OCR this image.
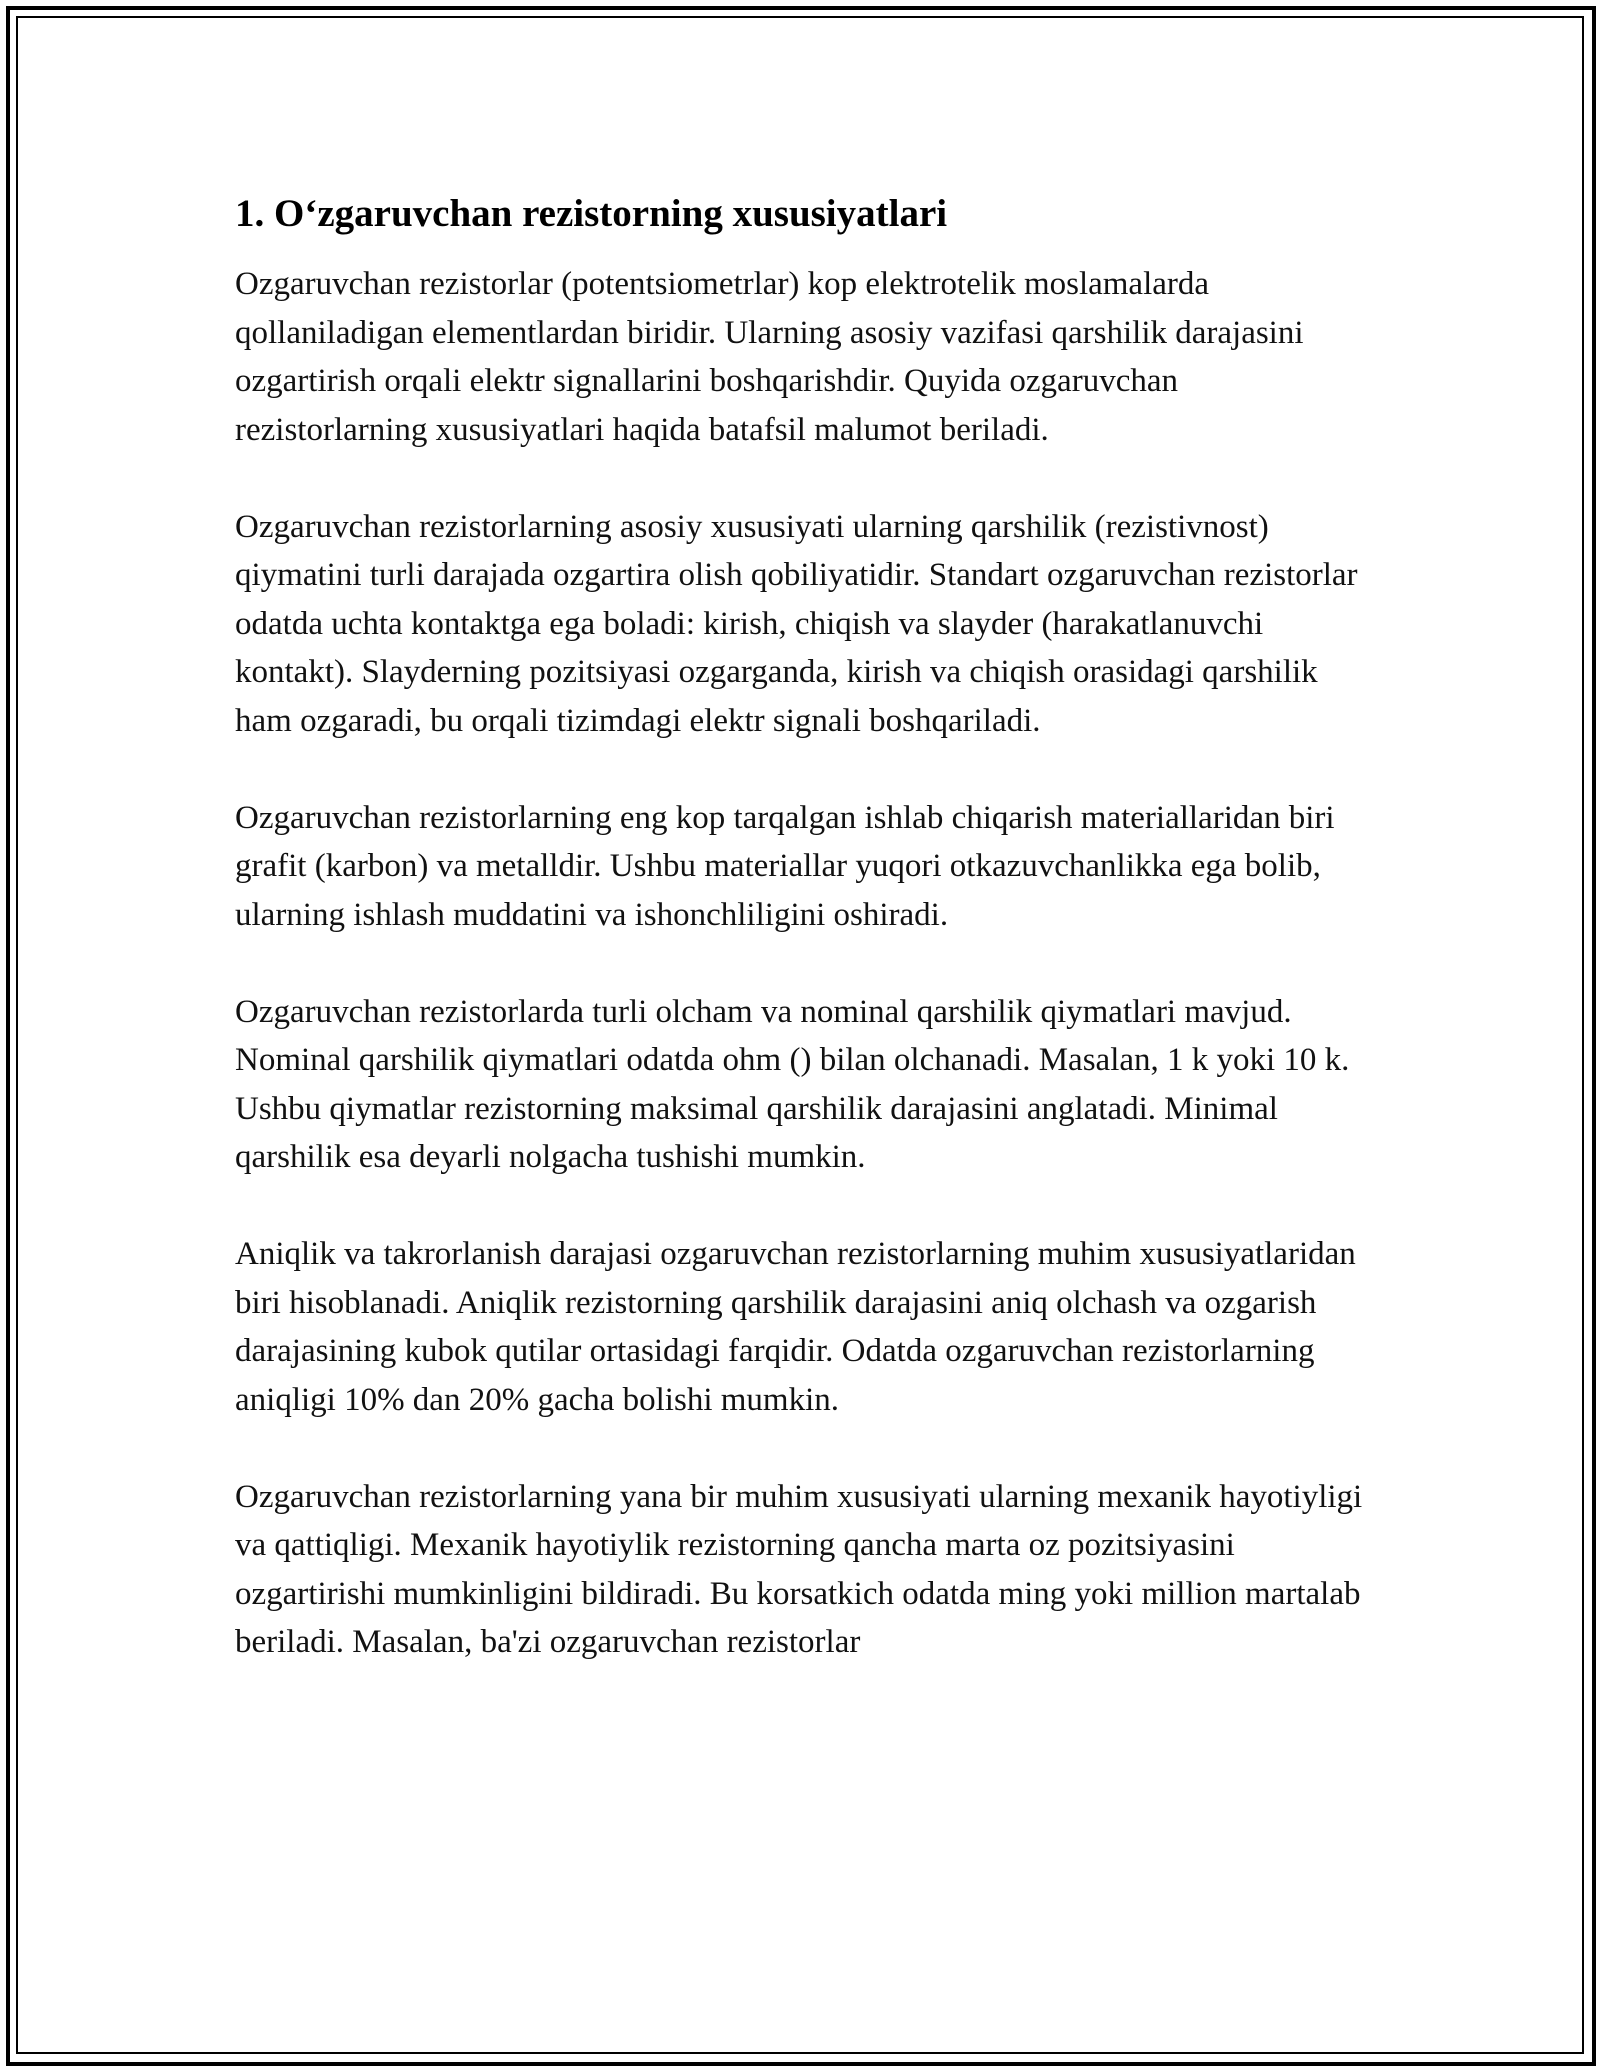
1. Oʻzgaruvchan rezistorning xususiyatlari

Ozgaruvchan rezistorlar (potentsiometrlar) kop elektrotelik moslamalarda qollaniladigan elementlardan biridir. Ularning asosiy vazifasi qarshilik darajasini ozgartirish orqali elektr signallarini boshqarishdir. Quyida ozgaruvchan rezistorlarning xususiyatlari haqida batafsil malumot beriladi.

Ozgaruvchan rezistorlarning asosiy xususiyati ularning qarshilik (rezistivnost) qiymatini turli darajada ozgartira olish qobiliyatidir. Standart ozgaruvchan rezistorlar odatda uchta kontaktga ega boladi: kirish, chiqish va slayder (harakatlanuvchi kontakt). Slayderning pozitsiyasi ozgarganda, kirish va chiqish orasidagi qarshilik ham ozgaradi, bu orqali tizimdagi elektr signali boshqariladi.

Ozgaruvchan rezistorlarning eng kop tarqalgan ishlab chiqarish materiallaridan biri grafit (karbon) va metalldir. Ushbu materiallar yuqori otkazuvchanlikka ega bolib, ularning ishlash muddatini va ishonchliligini oshiradi.

Ozgaruvchan rezistorlarda turli olcham va nominal qarshilik qiymatlari mavjud. Nominal qarshilik qiymatlari odatda ohm () bilan olchanadi. Masalan, 1 k yoki 10 k. Ushbu qiymatlar rezistorning maksimal qarshilik darajasini anglatadi. Minimal qarshilik esa deyarli nolgacha tushishi mumkin.

Aniqlik va takrorlanish darajasi ozgaruvchan rezistorlarning muhim xususiyatlaridan biri hisoblanadi. Aniqlik rezistorning qarshilik darajasini aniq olchash va ozgarish darajasining kubok qutilar ortasidagi farqidir. Odatda ozgaruvchan rezistorlarning aniqligi 10% dan 20% gacha bolishi mumkin.

Ozgaruvchan rezistorlarning yana bir muhim xususiyati ularning mexanik hayotiyligi va qattiqligi. Mexanik hayotiylik rezistorning qancha marta oz pozitsiyasini ozgartirishi mumkinligini bildiradi. Bu korsatkich odatda ming yoki million martalab beriladi. Masalan, ba'zi ozgaruvchan rezistorlar
